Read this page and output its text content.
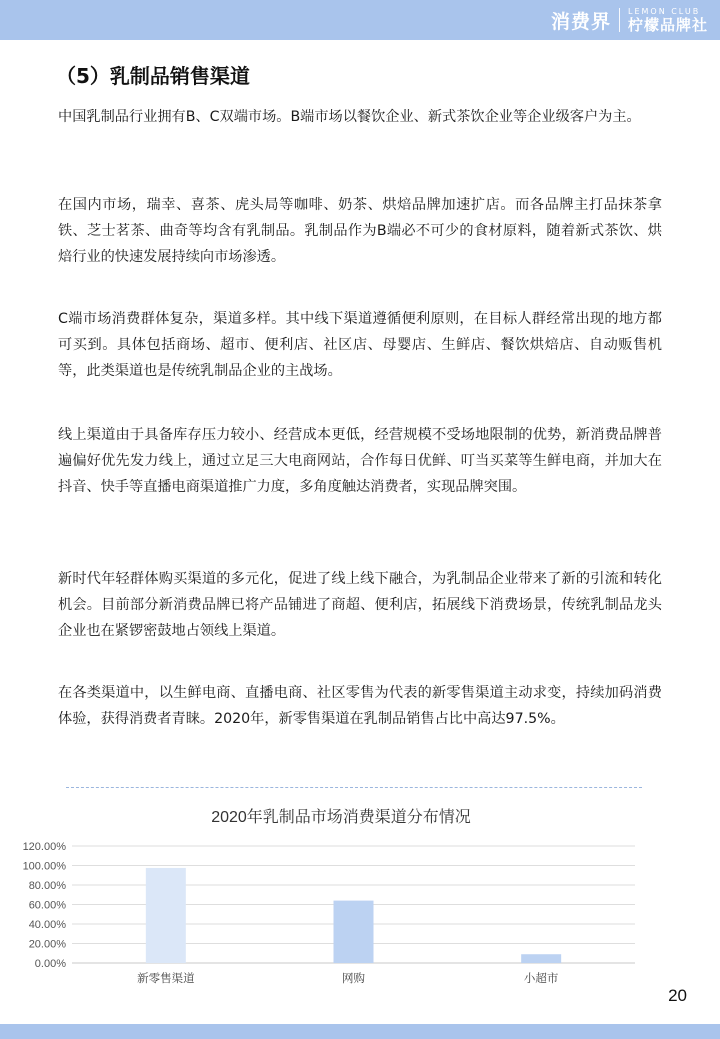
消费界 LEMON CLUB
柠檬品牌社
（5）乳制品销售渠道

中国乳制品行业拥有B、C双端市场。B端市场以餐饮企业、新式茶饮企业等企业级客户为主。

在国内市场，瑞幸、喜茶、虎头局等咖啡、奶茶、烘焙品牌加速扩店。而各品牌主打品抹茶拿铁、芝士茗茶、曲奇等均含有乳制品。乳制品作为B端必不可少的食材原料，随着新式茶饮、烘焙行业的快速发展持续向市场渗透。

C端市场消费群体复杂，渠道多样。其中线下渠道遵循便利原则，在目标人群经常出现的地方都可买到。具体包括商场、超市、便利店、社区店、母婴店、生鲜店、餐饮烘焙店、自动贩售机等，此类渠道也是传统乳制品企业的主战场。

线上渠道由于具备库存压力较小、经营成本更低，经营规模不受场地限制的优势，新消费品牌普遍偏好优先发力线上，通过立足三大电商网站，合作每日优鲜、叮当买菜等生鲜电商，并加大在抖音、快手等直播电商渠道推广力度，多角度触达消费者，实现品牌突围。

新时代年轻群体购买渠道的多元化，促进了线上线下融合，为乳制品企业带来了新的引流和转化机会。目前部分新消费品牌已将产品铺进了商超、便利店，拓展线下消费场景，传统乳制品龙头企业也在紧锣密鼓地占领线上渠道。

在各类渠道中，以生鲜电商、直播电商、社区零售为代表的新零售渠道主动求变，持续加码消费体验，获得消费者青睐。2020年，新零售渠道在乳制品销售占比中高达97.5%。

2020年乳制品市场消费渠道分布情况
0.00%
20.00%
40.00%
60.00%
80.00%
100.00%
120.00%
新零售渠道	网购	小超市
20
